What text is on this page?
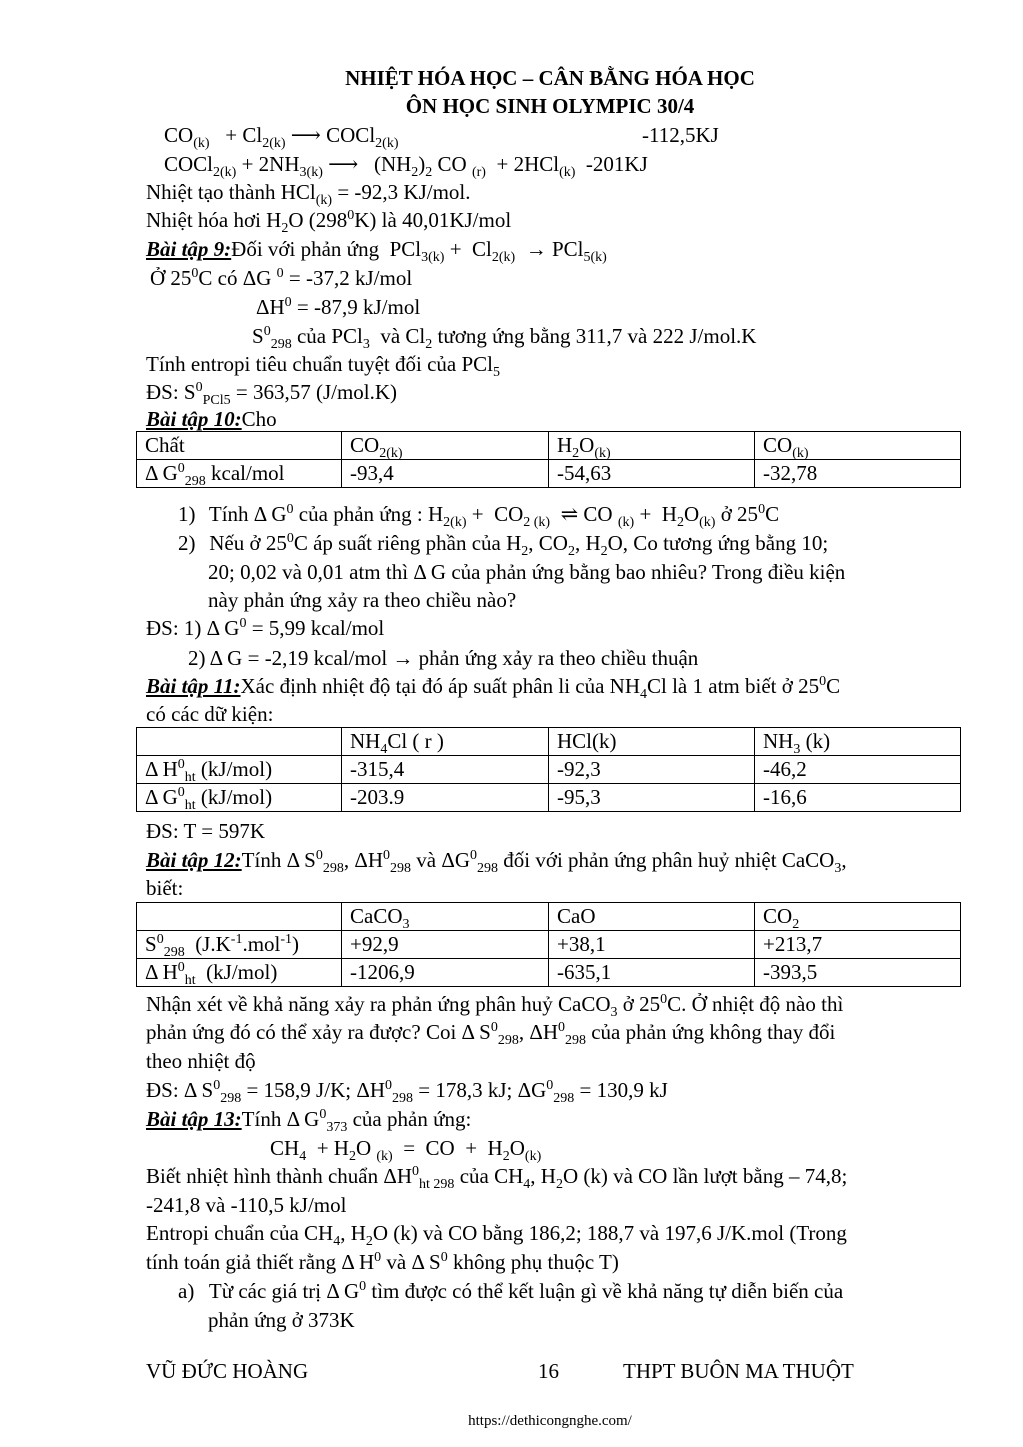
NHIỆT HÓA HỌC – CÂN BẰNG HÓA HỌC
ÔN HỌC SINH OLYMPIC 30/4
$CO_{(k)} + Cl_{2(k)}$ ⟶ COCl$_{2(k)}$	-112,5KJ
COCl$_{2(k)}$ + $2NH_{3(k)}$ ⟶   $(NH_2)_2$ CO $_{(r)}$  + 2HCl$_{(k)}$ -201KJ
Nhiệt tạo thành HCl$_{(k)}$ = -92,3 KJ/mol.
Nhiệt hóa hơi $H_2O$ $(298^0K)$ là 40,01KJ/mol
Bài tập 9:Đối với phản ứng  $PCl_{3(k)} + Cl_{2(k)} \to PCl_{5(k)}$
Ở $25^0C$ có ΔG $^0$ = -37,2 kJ/mol
$\Delta H^0 = -87,9$ kJ/mol
$S^0_{298}$ của PCl$_3$  và $Cl_2$ tương ứng bằng 311,7 và 222 J/mol.K
Tính entropi tiêu chuẩn tuyệt đối của PCl$_5$
ĐS: $S^0_{PCl5} = 363,57$ (J/mol.K)
Bài tập 10:Cho
Chất	$CO_{2(k)}$	$H_2O_{(k)}$	$CO_{(k)}$
Δ $G^0_{298}$ kcal/mol	-93,4	-54,63	-32,78
1) Tính Δ $G^0$ của phản ứng : $H_{2(k)} + CO_{2 (k)}$  ⇌ CO $_{(k)} + H_2O_{(k)}$ ở $25^0C$
2) Nếu ở $25^0C$ áp suất riêng phần của $H_2$, $CO_2$, $H_2O$, Co tương ứng bằng 10;
20; 0,02 và 0,01 atm thì Δ G của phản ứng bằng bao nhiêu? Trong điều kiện
này phản ứng xảy ra theo chiều nào?
ĐS: 1) Δ $G^0 = 5,99$ kcal/mol
2) Δ G = -2,19 kcal/mol → phản ứng xảy ra theo chiều thuận
Bài tập 11:Xác định nhiệt độ tại đó áp suất phân li của $NH_4Cl$ là 1 atm biết ở $25^0C$
có các dữ kiện:
	$NH_4Cl$ ( r )	HCl(k)	$NH_3$ (k)
Δ $H^0_{ht}$ (kJ/mol)	-315,4	-92,3	-46,2
Δ $G^0_{ht}$ (kJ/mol)	-203.9	-95,3	-16,6
ĐS: T = 597K
Bài tập 12:Tính Δ $S^0_{298}$, $\Delta H^0_{298}$ và $\Delta G^0_{298}$ đối với phản ứng phân huỷ nhiệt CaCO$_3$,
biết:
	CaCO$_3$	CaO	$CO_2$
$S^0_{298}$  $(J.K^{-1}.mol^{-1})$	+92,9	+38,1	+213,7
Δ $H^0_{ht}$  (kJ/mol)	-1206,9	-635,1	-393,5
Nhận xét về khả năng xảy ra phản ứng phân huỷ CaCO$_3$ ở $25^0C$. Ở nhiệt độ nào thì
phản ứng đó có thể xảy ra được? Coi Δ $S^0_{298}$, $\Delta H^0_{298}$ của phản ứng không thay đổi
theo nhiệt độ
ĐS: Δ $S^0_{298} = 158,9$ J/K; $\Delta H^0_{298} = 178,3$ kJ; $\Delta G^0_{298} = 130,9$ kJ
Bài tập 13:Tính Δ $G^0_{373}$ của phản ứng:
$CH_4 + H_2O$ $_{(k)}$  =  CO  +  $H_2O_{(k)}$
Biết nhiệt hình thành chuẩn $\Delta H^0_{ht 298}$ của $CH_4$, $H_2O$ (k) và CO lần lượt bằng – 74,8;
-241,8 và -110,5 kJ/mol
Entropi chuẩn của $CH_4$, $H_2O$ (k) và CO bằng 186,2; 188,7 và 197,6 J/K.mol (Trong
tính toán giả thiết rằng Δ $H^0$ và Δ $S^0$ không phụ thuộc T)
a) Từ các giá trị Δ $G^0$ tìm được có thể kết luận gì về khả năng tự diễn biến của
phản ứng ở 373K
VŨ ĐỨC HOÀNG	16	THPT BUÔN MA THUỘT
https://dethicongnghe.com/
